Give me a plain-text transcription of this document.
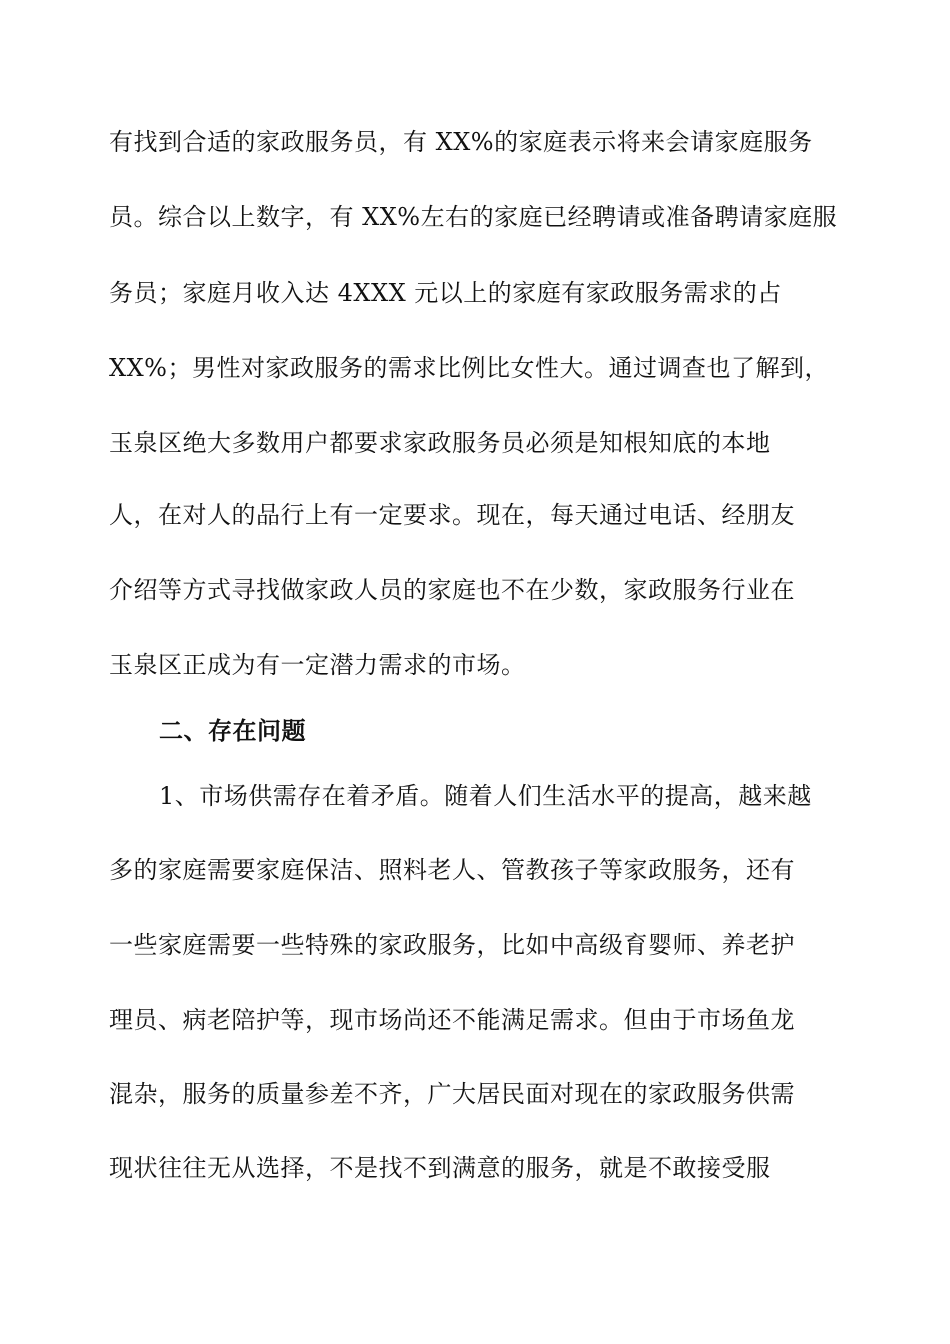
有找到合适的家政服务员，有 XX%的家庭表示将来会请家庭服务
员。综合以上数字，有 XX%左右的家庭已经聘请或准备聘请家庭服
务员；家庭月收入达 4XXX 元以上的家庭有家政服务需求的占
XX%；男性对家政服务的需求比例比女性大。通过调查也了解到，
玉泉区绝大多数用户都要求家政服务员必须是知根知底的本地
人，在对人的品行上有一定要求。现在，每天通过电话、经朋友
介绍等方式寻找做家政人员的家庭也不在少数，家政服务行业在
玉泉区正成为有一定潜力需求的市场。
二、存在问题
1、市场供需存在着矛盾。随着人们生活水平的提高，越来越
多的家庭需要家庭保洁、照料老人、管教孩子等家政服务，还有
一些家庭需要一些特殊的家政服务，比如中高级育婴师、养老护
理员、病老陪护等，现市场尚还不能满足需求。但由于市场鱼龙
混杂，服务的质量参差不齐，广大居民面对现在的家政服务供需
现状往往无从选择，不是找不到满意的服务，就是不敢接受服
